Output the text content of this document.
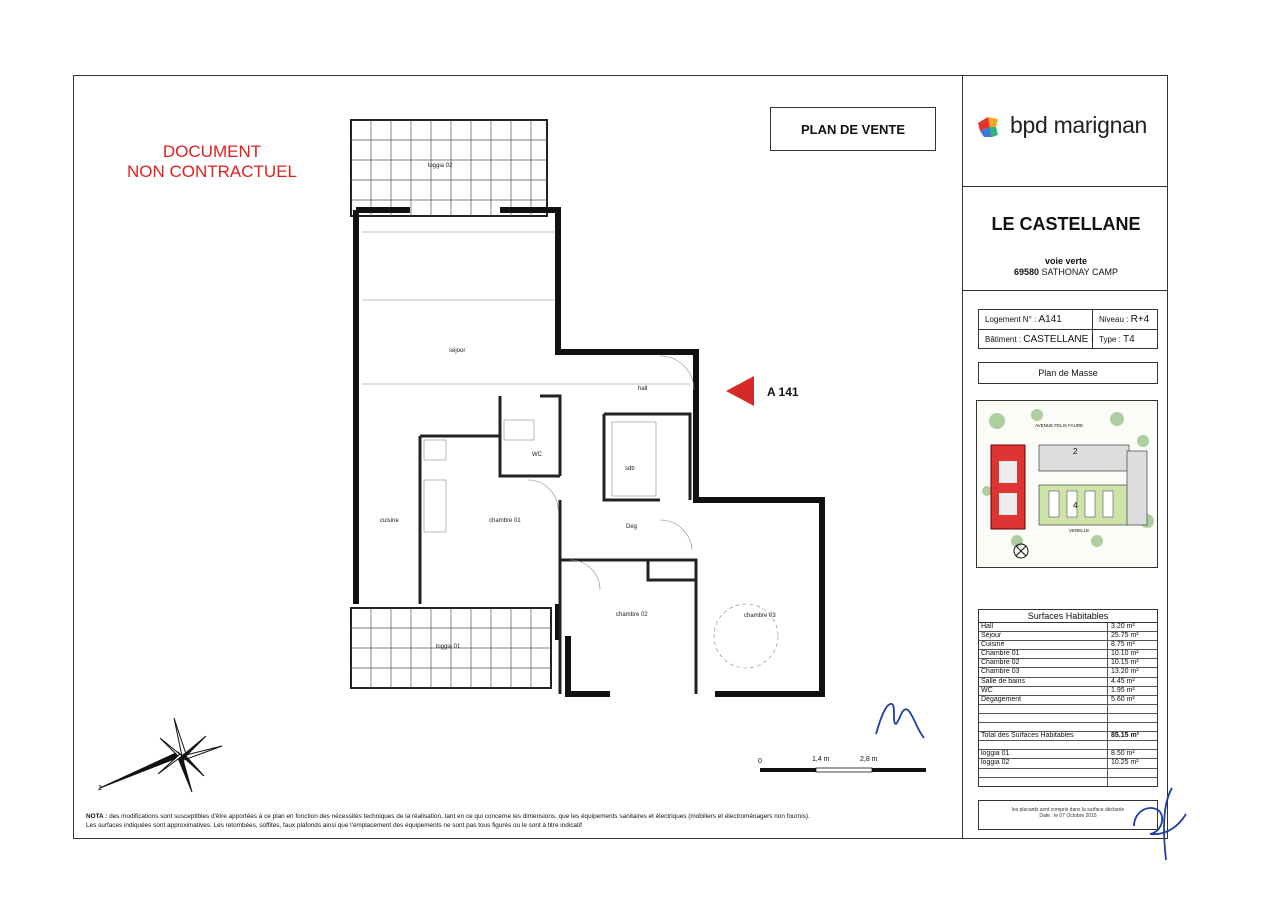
DOCUMENT
NON CONTRACTUEL
PLAN DE VENTE
loggia 02
séjour
hall
WC
sdb
cuisine	chambre 01
Deg
chambre 02	chambre 03
loggia 01
A 141
z
0	1,4 m	2,8 m
NOTA : des modifications sont susceptibles d'être apportées à ce plan en fonction des nécessités techniques de la réalisation, tant en ce qui concerne les dimensions, que les équipements sanitaires et électriques (mobiliers et électroménagers non fournis).
Les surfaces indiquées sont approximatives. Les retombées, soffites, faux plafonds ainsi que l'emplacement des équipements ne sont pas tous figurés ou le sont à titre indicatif
bpd marignan
LE CASTELLANE
voie verte
69580 SATHONAY CAMP
Logement N° :
A141	Niveau : R+4
Bâtiment :
CASTELLANE I Type : T4
Plan de Masse
AVENUE FELIX FAURE
VENELLE
2
4
Surfaces Habitables
Hall	3.20 m²
Séjour	25.75 m²
Cuisine	8.75 m²
Chambre 01	10.10 m²
Chambre 02	10.15 m²
Chambre 03	13.20 m²
Salle de bains	4.45 m²
WC	1.95 m²
Dégagement	5.60 m²
Total des Surfaces Habitables	85.15 m²
loggia 01	8.50 m²
loggia 02	10.25 m²
les placards sont compris dans la surface déclarée
Date : le 07 Octobre 2015
